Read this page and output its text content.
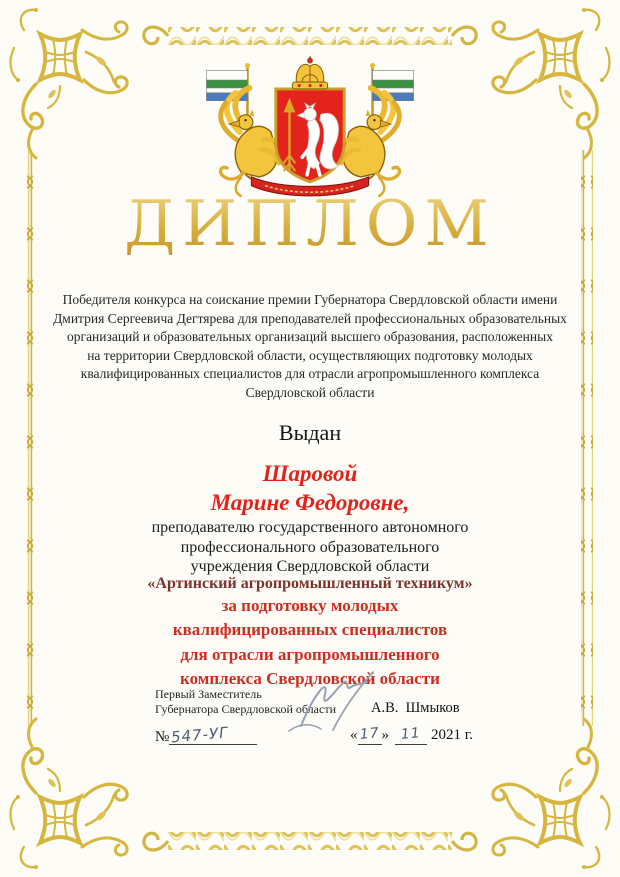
ДИПЛОМ
Победителя конкурса на соискание премии Губернатора Свердловской области имени
Дмитрия Сергеевича Дегтярева для преподавателей профессиональных образовательных
организаций и образовательных организаций высшего образования, расположенных
на территории Свердловской области, осуществляющих подготовку молодых
квалифицированных специалистов для отрасли агропромышленного комплекса
Свердловской области
Выдан
Шаровой
Марине Федоровне,
преподавателю государственного автономного
профессионального образовательного
учреждения Свердловской области
«Артинский агропромышленный техникум»
за подготовку молодых
квалифицированных специалистов
для отрасли агропромышленного
комплекса Свердловской области
Первый Заместитель
Губернатора Свердловской области А.В.  Шмыков
№547-УГ	«17 » 11 2021 г.
